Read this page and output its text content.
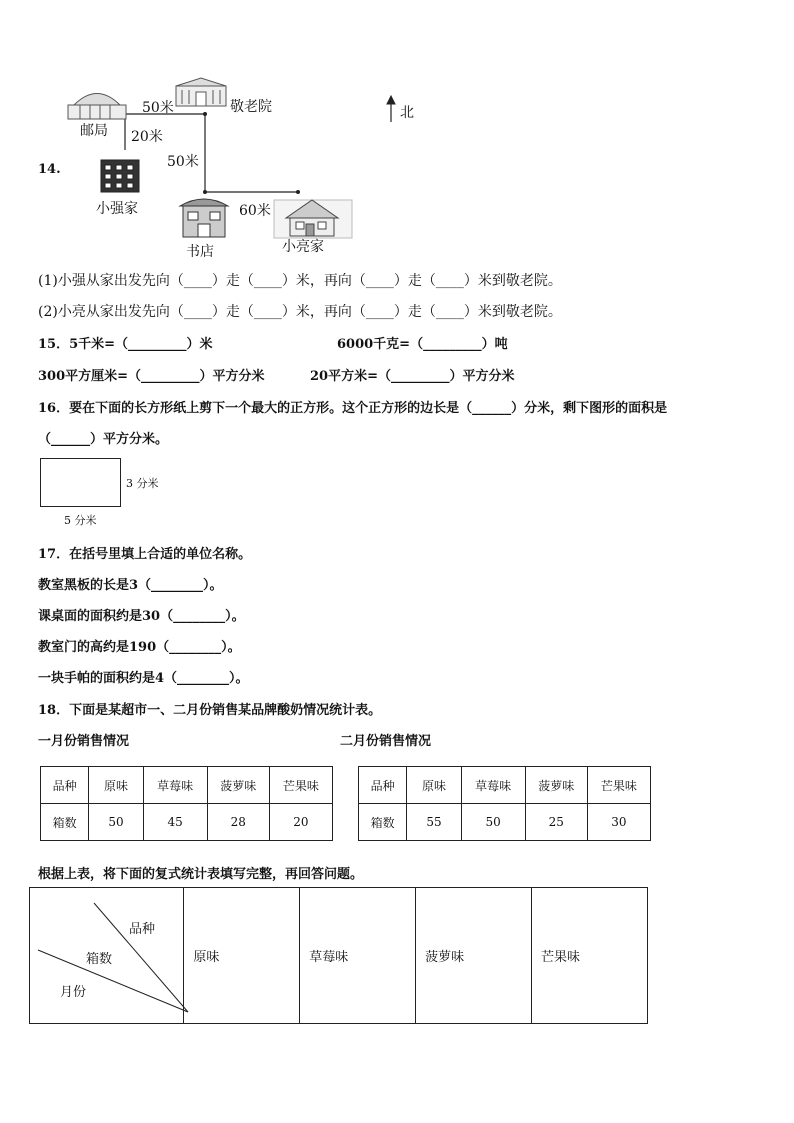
邮局
50米	敬老院	北
20米
50米
小强家	60米
书店	小亮家
14.
(1)小强从家出发先向（____）走（____）米，再向（____）走（____）米到敬老院。
(2)小亮从家出发先向（____）走（____）米，再向（____）走（____）米到敬老院。
15．5千米=（_________）米	6000千克=（_________）吨
300平方厘米=（_________）平方分米	20平方米=（_________）平方分米
16．要在下面的长方形纸上剪下一个最大的正方形。这个正方形的边长是（______）分米，剩下图形的面积是
（______）平方分米。
3 分米
5 分米
17．在括号里填上合适的单位名称。
教室黑板的长是3（________）。
课桌面的面积约是30（________）。
教室门的高约是190（________）。
一块手帕的面积约是4（________）。
18．下面是某超市一、二月份销售某品牌酸奶情况统计表。
一月份销售情况	二月份销售情况
品种	原味	草莓味	菠萝味	芒果味
箱数	50	45	28	20
品种	原味	草莓味	菠萝味	芒果味
箱数	55	50	25	30
根据上表，将下面的复式统计表填写完整，再回答问题。
品种
箱数
月份
	原味	草莓味	菠萝味	芒果味
